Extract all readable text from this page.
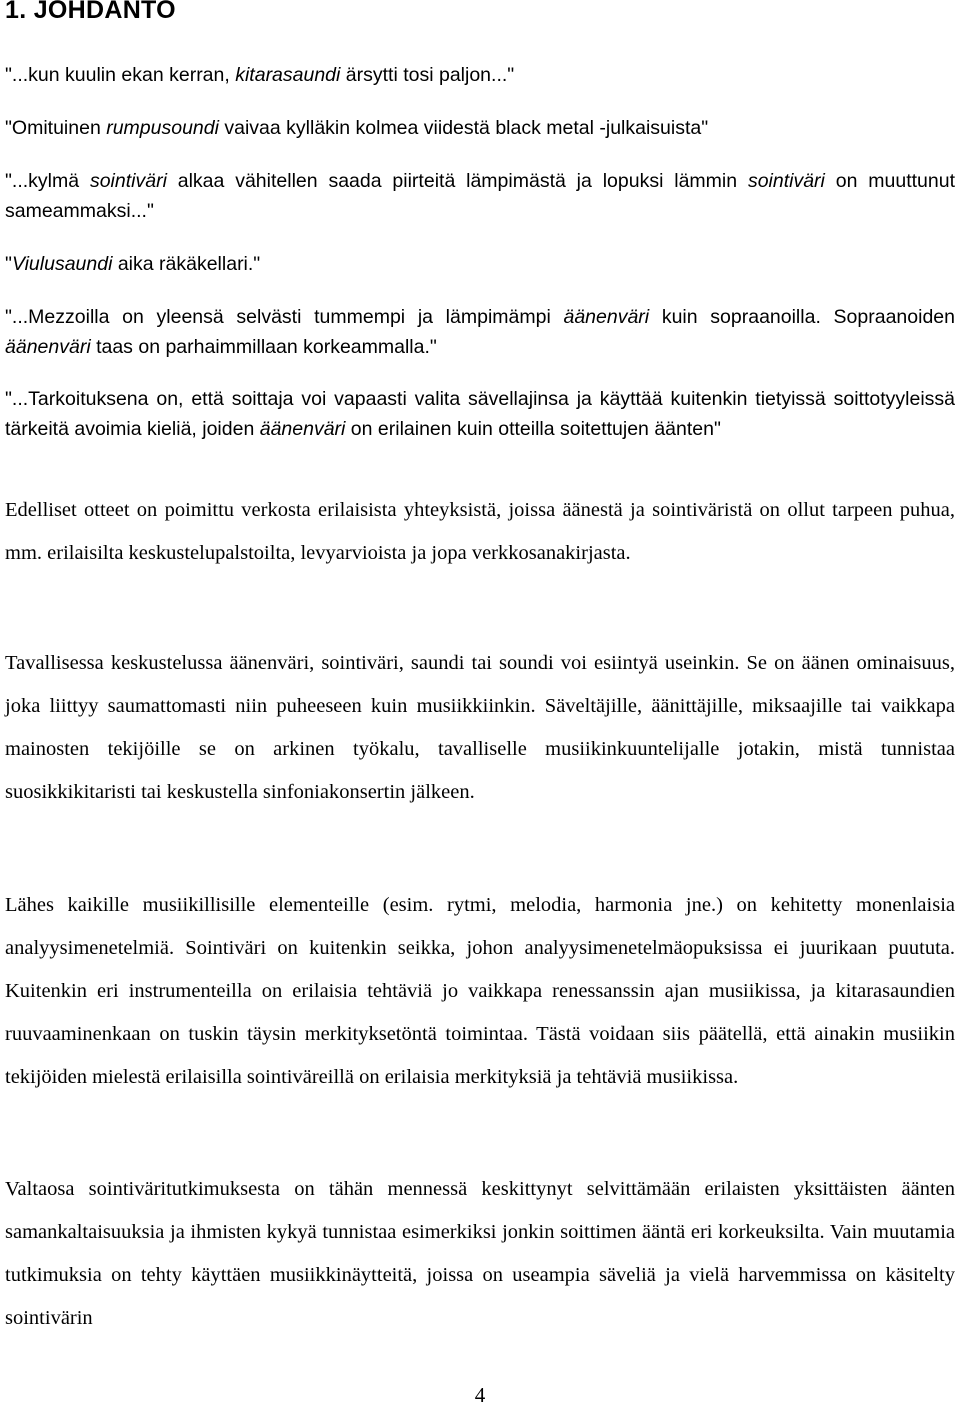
1. JOHDANTO

"...kun kuulin ekan kerran, kitarasaundi ärsytti tosi paljon..."

"Omituinen rumpusoundi vaivaa kylläkin kolmea viidestä black metal -julkaisuista"

"...kylmä sointiväri alkaa vähitellen saada piirteitä lämpimästä ja lopuksi lämmin sointiväri on muuttunut sameammaksi..."

"Viulusaundi aika räkäkellari."

"...Mezzoilla on yleensä selvästi tummempi ja lämpimämpi äänenväri kuin sopraanoilla. Sopraanoiden äänenväri taas on parhaimmillaan korkeammalla."

"...Tarkoituksena on, että soittaja voi vapaasti valita sävellajinsa ja käyttää kuitenkin tietyissä soittotyyleissä tärkeitä avoimia kieliä, joiden äänenväri on erilainen kuin otteilla soitettujen äänten"

Edelliset otteet on poimittu verkosta erilaisista yhteyksistä, joissa äänestä ja sointiväristä on ollut tarpeen puhua, mm. erilaisilta keskustelupalstoilta, levyarvioista ja jopa verkkosanakirjasta.

Tavallisessa keskustelussa äänenväri, sointiväri, saundi tai soundi voi esiintyä useinkin. Se on äänen ominaisuus, joka liittyy saumattomasti niin puheeseen kuin musiikkiinkin. Säveltäjille, äänittäjille, miksaajille tai vaikkapa mainosten tekijöille se on arkinen työkalu, tavalliselle musiikinkuuntelijalle jotakin, mistä tunnistaa suosikkikitaristi tai keskustella sinfoniakonsertin jälkeen.

Lähes kaikille musiikillisille elementeille (esim. rytmi, melodia, harmonia jne.) on kehitetty monenlaisia analyysimenetelmiä. Sointiväri on kuitenkin seikka, johon analyysimenetelmäopuksissa ei juurikaan puututa. Kuitenkin eri instrumenteilla on erilaisia tehtäviä jo vaikkapa renessanssin ajan musiikissa, ja kitarasaundien ruuvaaminenkaan on tuskin täysin merkityksetöntä toimintaa. Tästä voidaan siis päätellä, että ainakin musiikin tekijöiden mielestä erilaisilla sointiväreillä on erilaisia merkityksiä ja tehtäviä musiikissa.

Valtaosa sointiväritutkimuksesta on tähän mennessä keskittynyt selvittämään erilaisten yksittäisten äänten samankaltaisuuksia ja ihmisten kykyä tunnistaa esimerkiksi jonkin soittimen ääntä eri korkeuksilta. Vain muutamia tutkimuksia on tehty käyttäen musiikkinäytteitä, joissa on useampia säveliä ja vielä harvemmissa on käsitelty sointivärin

4
